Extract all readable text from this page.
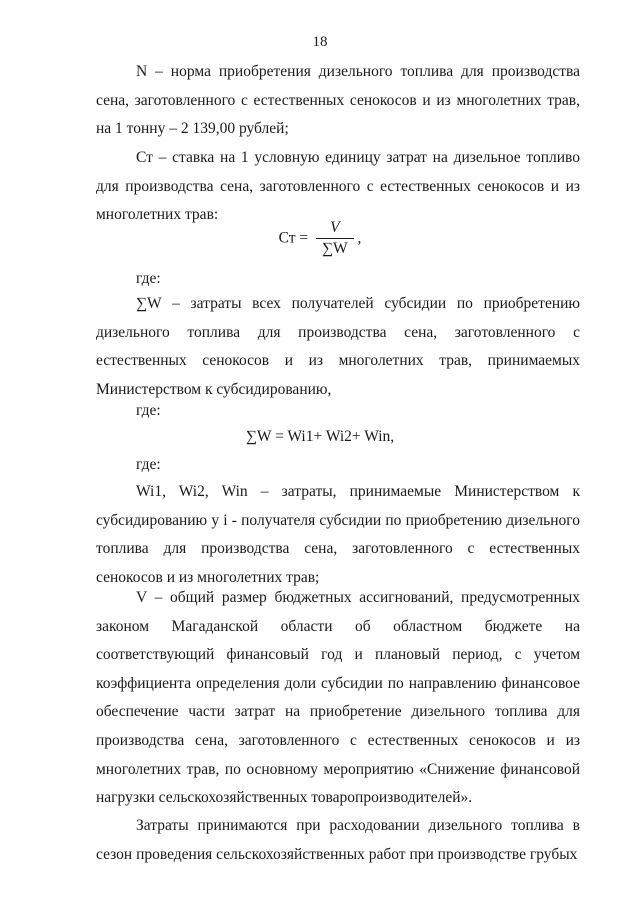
18

N – норма приобретения дизельного топлива для производства сена, заготовленного с естественных сенокосов и из многолетних трав, на 1 тонну – 2 139,00 рублей;

Ст – ставка на 1 условную единицу затрат на дизельное топливо для производства сена, заготовленного с естественных сенокосов и из многолетних трав:

Ст = $\frac{V}{\sum W}$ ,

где:

∑W – затраты всех получателей субсидии по приобретению дизельного топлива для производства сена, заготовленного с естественных сенокосов и из многолетних трав, принимаемых Министерством к субсидированию,

где:

∑W = Wi1+ Wi2+ Win,

где:

Wi1, Wi2, Win – затраты, принимаемые Министерством к субсидированию у i - получателя субсидии по приобретению дизельного топлива для производства сена, заготовленного с естественных сенокосов и из многолетних трав;

V – общий размер бюджетных ассигнований, предусмотренных законом Магаданской области об областном бюджете на соответствующий финансовый год и плановый период, с учетом коэффициента определения доли субсидии по направлению финансовое обеспечение части затрат на приобретение дизельного топлива для производства сена, заготовленного с естественных сенокосов и из многолетних трав, по основному мероприятию «Снижение финансовой нагрузки сельскохозяйственных товаропроизводителей».

Затраты принимаются при расходовании дизельного топлива в сезон проведения сельскохозяйственных работ при производстве грубых
